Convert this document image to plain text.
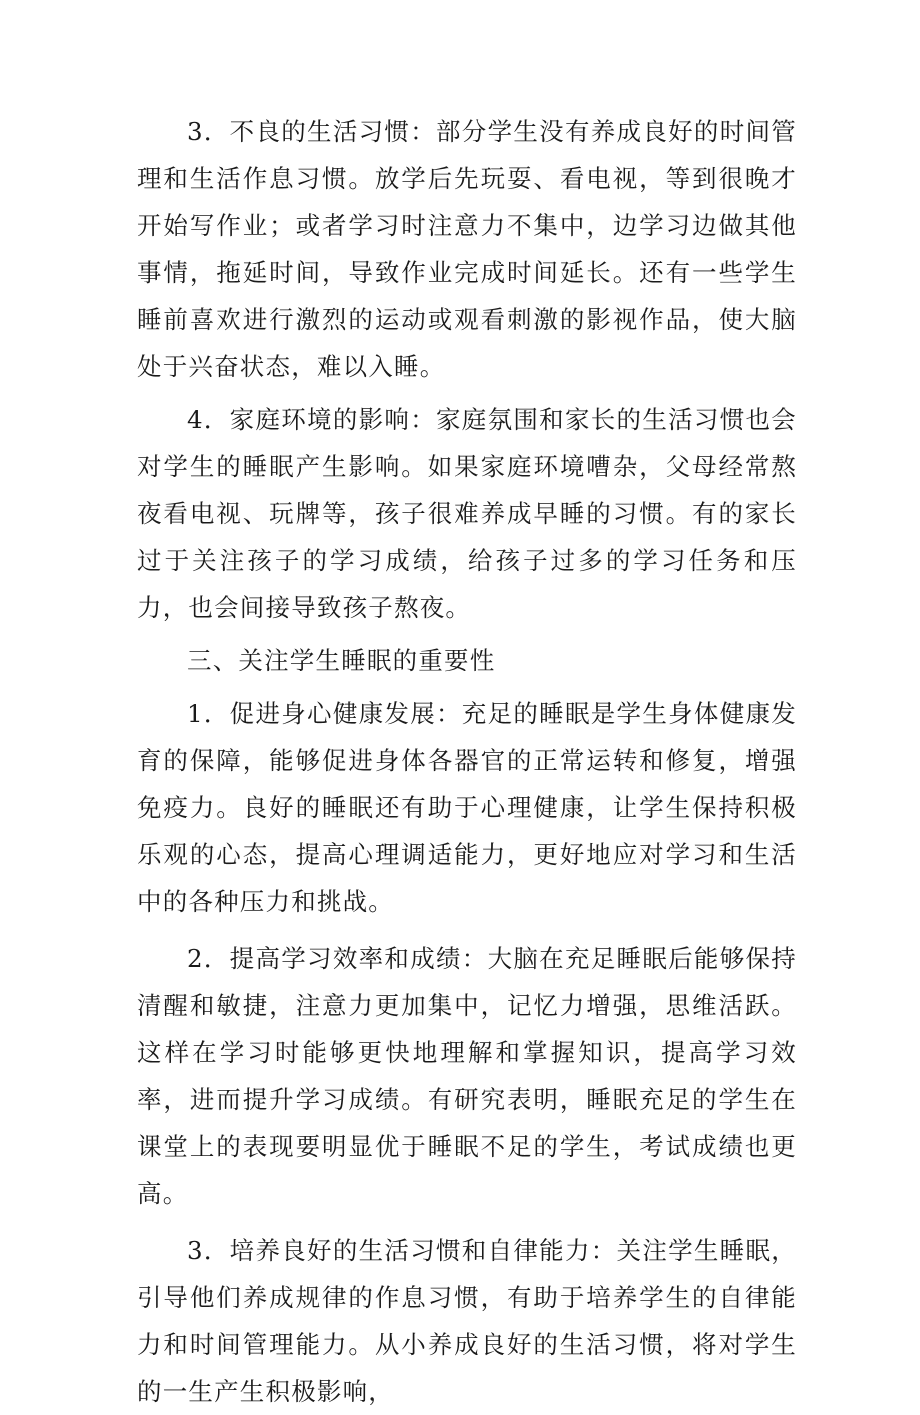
3．不良的生活习惯：部分学生没有养成良好的时间管理和生活作息习惯。放学后先玩耍、看电视，等到很晚才开始写作业；或者学习时注意力不集中，边学习边做其他事情，拖延时间，导致作业完成时间延长。还有一些学生睡前喜欢进行激烈的运动或观看刺激的影视作品，使大脑处于兴奋状态，难以入睡。

4．家庭环境的影响：家庭氛围和家长的生活习惯也会对学生的睡眠产生影响。如果家庭环境嘈杂，父母经常熬夜看电视、玩牌等，孩子很难养成早睡的习惯。有的家长过于关注孩子的学习成绩，给孩子过多的学习任务和压力，也会间接导致孩子熬夜。

三、关注学生睡眠的重要性

1．促进身心健康发展：充足的睡眠是学生身体健康发育的保障，能够促进身体各器官的正常运转和修复，增强免疫力。良好的睡眠还有助于心理健康，让学生保持积极乐观的心态，提高心理调适能力，更好地应对学习和生活中的各种压力和挑战。

2．提高学习效率和成绩：大脑在充足睡眠后能够保持清醒和敏捷，注意力更加集中，记忆力增强，思维活跃。这样在学习时能够更快地理解和掌握知识，提高学习效率，进而提升学习成绩。有研究表明，睡眠充足的学生在课堂上的表现要明显优于睡眠不足的学生，考试成绩也更高。

3．培养良好的生活习惯和自律能力：关注学生睡眠，引导他们养成规律的作息习惯，有助于培养学生的自律能力和时间管理能力。从小养成良好的生活习惯，将对学生的一生产生积极影响，
